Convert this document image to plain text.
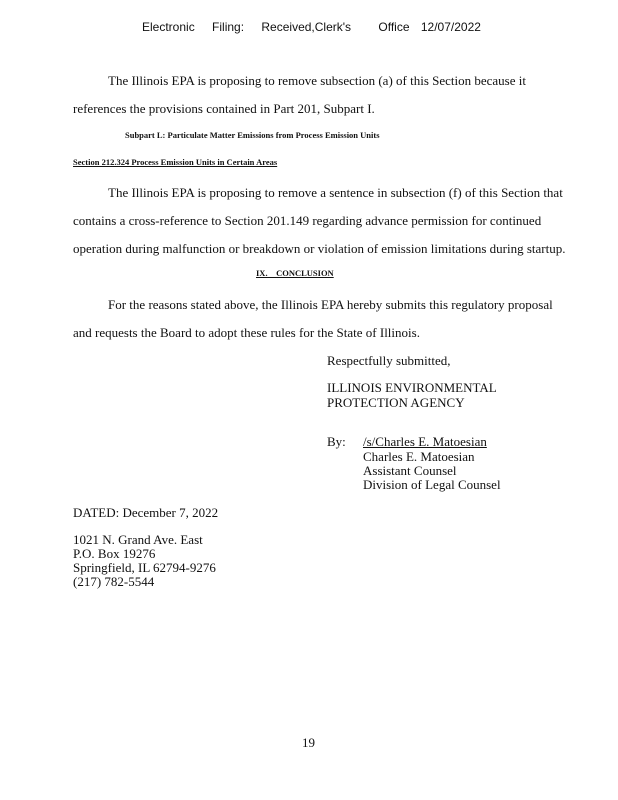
Electronic Filing: Received,Clerk's Office 12/07/2022
The Illinois EPA is proposing to remove subsection (a) of this Section because it
references the provisions contained in Part 201, Subpart I.
Subpart L: Particulate Matter Emissions from Process Emission Units
Section 212.324 Process Emission Units in Certain Areas
The Illinois EPA is proposing to remove a sentence in subsection (f) of this Section that
contains a cross-reference to Section 201.149 regarding advance permission for continued
operation during malfunction or breakdown or violation of emission limitations during startup.
IX.    CONCLUSION
For the reasons stated above, the Illinois EPA hereby submits this regulatory proposal
and requests the Board to adopt these rules for the State of Illinois.
Respectfully submitted,
ILLINOIS ENVIRONMENTAL
PROTECTION AGENCY
By: /s/Charles E. Matoesian
Charles E. Matoesian
Assistant Counsel
Division of Legal Counsel
DATED: December 7, 2022
1021 N. Grand Ave. East
P.O. Box 19276
Springfield, IL 62794-9276
(217) 782-5544
19
